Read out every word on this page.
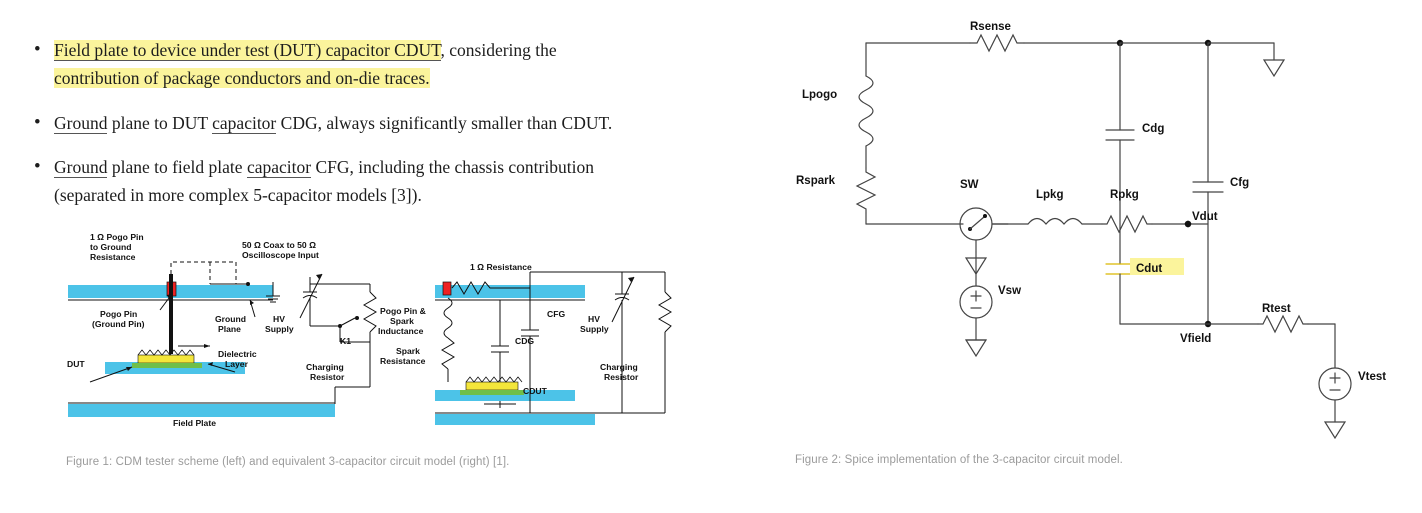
• Field plate to device under test (DUT) capacitor CDUT, considering the
contribution of package conductors and on-die traces.
• Ground plane to DUT capacitor CDG, always significantly smaller than CDUT.
• Ground plane to field plate capacitor CFG, including the chassis contribution
(separated in more complex 5-capacitor models [3]).
1 Ω Pogo Pin
to Ground
Resistance
50 Ω Coax to 50 Ω
Oscilloscope Input
Pogo Pin
(Ground Pin)	Ground
Plane
HV
Supply
DUT
Dielectric
Layer
K1
Charging
Resistor
Field Plate
1 Ω Resistance
Pogo Pin &
Spark
Inductance
Spark
Resistance
CFG
CDG
CDUT
HV
Supply
Charging
Resistor
Figure 1: CDM tester scheme (left) and equivalent 3-capacitor circuit model (right) [1].
Rsense
Lpogo
Rspark	SW
Lpkg	Rpkg
Cdg
Cfg
Cdut
Vsw
Vdut
Vfield
Rtest
Vtest
Figure 2: Spice implementation of the 3-capacitor circuit model.
